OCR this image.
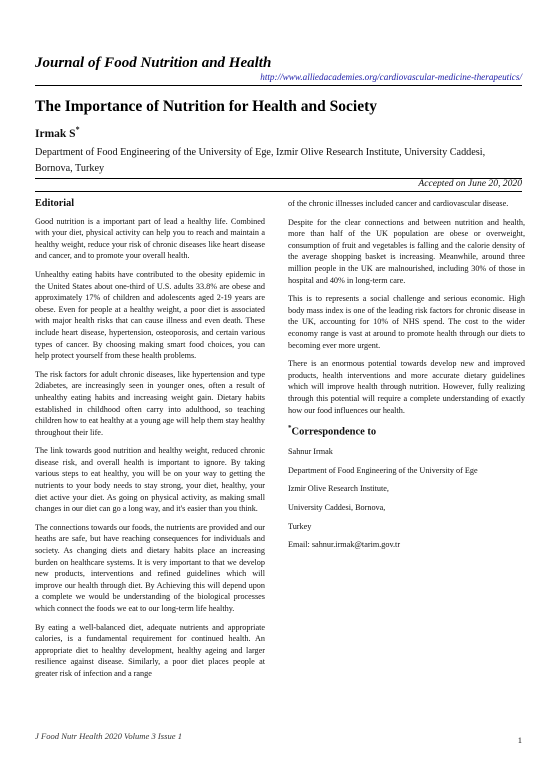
Journal of Food Nutrition and Health
http://www.alliedacademies.org/cardiovascular-medicine-therapeutics/
The Importance of Nutrition for Health and Society
Irmak S*
Department of Food Engineering of the University of Ege, Izmir Olive Research Institute, University Caddesi, Bornova, Turkey
Accepted on June 20, 2020
Editorial

Good nutrition is a important part of lead a healthy life. Combined with your diet, physical activity can help you to reach and maintain a healthy weight, reduce your risk of chronic diseases like heart disease and cancer, and to promote your overall health.

Unhealthy eating habits have contributed to the obesity epidemic in the United States about one-third of U.S. adults 33.8% are obese and approximately 17% of children and adolescents aged 2-19 years are obese. Even for people at a healthy weight, a poor diet is associated with major health risks that can cause illness and even death. These include heart disease, hypertension, osteoporosis, and certain various types of cancer. By choosing making smart food choices, you can help protect yourself from these health problems.

The risk factors for adult chronic diseases, like hypertension and type 2diabetes, are increasingly seen in younger ones, often a result of unhealthy eating habits and increasing weight gain. Dietary habits established in childhood often carry into adulthood, so teaching children how to eat healthy at a young age will help them stay healthy throughout their life.

The link towards good nutrition and healthy weight, reduced chronic disease risk, and overall health is important to ignore. By taking various steps to eat healthy, you will be on your way to getting the nutrients to your body needs to stay strong, your diet, healthy, your diet active your diet. As going on physical activity, as making small changes in our diet can go a long way, and it's easier than you think.

The connections towards our foods, the nutrients are provided and our heaths are safe, but have reaching consequences for individuals and society. As changing diets and dietary habits place an increasing burden on healthcare systems. It is very important to that we develop new products, interventions and refined guidelines which will improve our health through diet. By Achieving this will depend upon a complete we would be understanding of the biological processes which connect the foods we eat to our long-term life healthy.

By eating a well-balanced diet, adequate nutrients and appropriate calories, is a fundamental requirement for continued health. An appropriate diet to healthy development, healthy ageing and larger resilience against disease. Similarly, a poor diet places people at greater risk of infection and a range

of the chronic illnesses included cancer and cardiovascular disease.

Despite for the clear connections and between nutrition and health, more than half of the UK population are obese or overweight, consumption of fruit and vegetables is falling and the calorie density of the average shopping basket is increasing. Meanwhile, around three million people in the UK are malnourished, including 30% of those in hospital and 40% in long-term care.

This is to represents a social challenge and serious economic. High body mass index is one of the leading risk factors for chronic disease in the UK, accounting for 10% of NHS spend. The cost to the wider economy range is vast at around to promote health through our diets to becoming ever more urgent.

There is an enormous potential towards develop new and improved products, health interventions and more accurate dietary guidelines which will improve health through nutrition. However, fully realizing through this potential will require a complete understanding of exactly how our food influences our health.

*Correspondence to
Sahnur Irmak
Department of Food Engineering of the University of Ege
Izmir Olive Research Institute,
University Caddesi, Bornova,
Turkey
Email: sahnur.irmak@tarim.gov.tr
J Food Nutr Health 2020 Volume 3 Issue 1	1
